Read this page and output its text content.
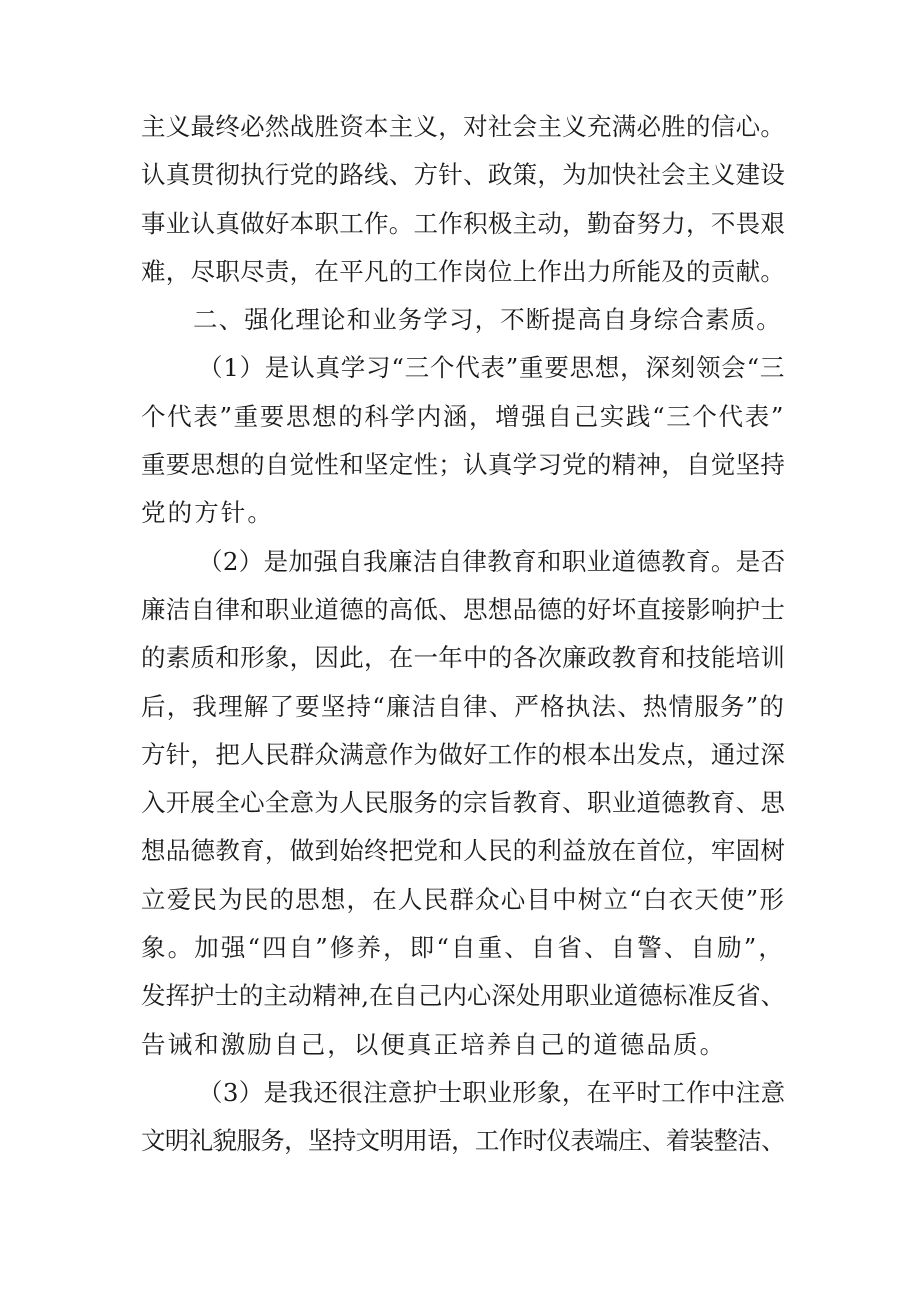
主义最终必然战胜资本主义，对社会主义充满必胜的信心。
认真贯彻执行党的路线、方针、政策，为加快社会主义建设
事业认真做好本职工作。工作积极主动，勤奋努力，不畏艰
难，尽职尽责，在平凡的工作岗位上作出力所能及的贡献。
二、强化理论和业务学习，不断提高自身综合素质。
（1）是认真学习“三个代表”重要思想，深刻领会“三
个代表”重要思想的科学内涵，增强自己实践“三个代表”
重要思想的自觉性和坚定性；认真学习党的精神，自觉坚持
党的方针。
（2）是加强自我廉洁自律教育和职业道德教育。是否
廉洁自律和职业道德的高低、思想品德的好坏直接影响护士
的素质和形象，因此，在一年中的各次廉政教育和技能培训
后，我理解了要坚持“廉洁自律、严格执法、热情服务”的
方针，把人民群众满意作为做好工作的根本出发点，通过深
入开展全心全意为人民服务的宗旨教育、职业道德教育、思
想品德教育，做到始终把党和人民的利益放在首位，牢固树
立爱民为民的思想，在人民群众心目中树立“白衣天使”形
象。加强“四自”修养，即“自重、自省、自警、自励”，
发挥护士的主动精神,在自己内心深处用职业道德标准反省、
告诫和激励自己，以便真正培养自己的道德品质。
（3）是我还很注意护士职业形象，在平时工作中注意
文明礼貌服务，坚持文明用语，工作时仪表端庄、着装整洁、
